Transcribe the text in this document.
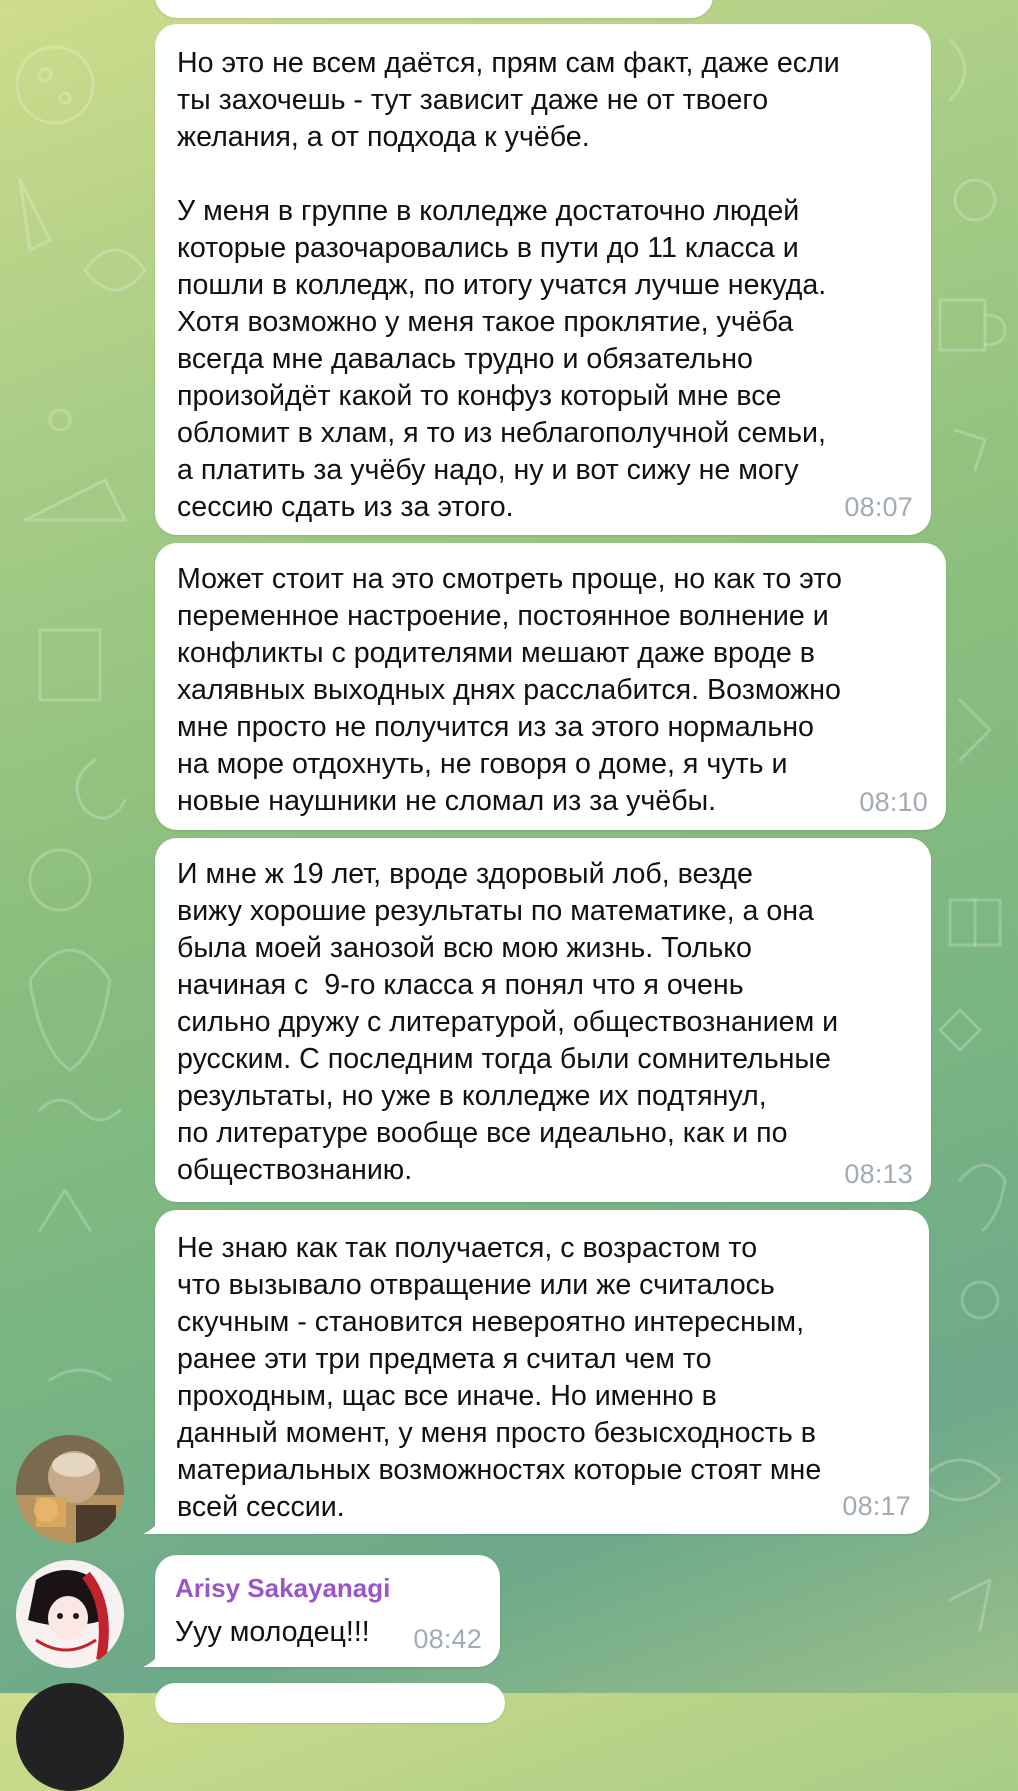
Но это не всем даётся, прям сам факт, даже если
ты захочешь - тут зависит даже не от твоего
желания, а от подхода к учёбе.

У меня в группе в колледже достаточно людей
которые разочаровались в пути до 11 класса и
пошли в колледж, по итогу учатся лучше некуда.
Хотя возможно у меня такое проклятие, учёба
всегда мне давалась трудно и обязательно
произойдёт какой то конфуз который мне все
обломит в хлам, я то из неблагополучной семьи,
а платить за учёбу надо, ну и вот сижу не могу
сессию сдать из за этого.	08:07

Может стоит на это смотреть проще, но как то это
переменное настроение, постоянное волнение и
конфликты с родителями мешают даже вроде в
халявных выходных днях расслабится. Возможно
мне просто не получится из за этого нормально
на море отдохнуть, не говоря о доме, я чуть и
новые наушники не сломал из за учёбы.	08:10

И мне ж 19 лет, вроде здоровый лоб, везде
вижу хорошие результаты по математике, а она
была моей занозой всю мою жизнь. Только
начиная с  9-го класса я понял что я очень
сильно дружу с литературой, обществознанием и
русским. С последним тогда были сомнительные
результаты, но уже в колледже их подтянул,
по литературе вообще все идеально, как и по
обществознанию.	08:13

Не знаю как так получается, с возрастом то
что вызывало отвращение или же считалось
скучным - становится невероятно интересным,
ранее эти три предмета я считал чем то
проходным, щас все иначе. Но именно в
данный момент, у меня просто безысходность в
материальных возможностях которые стоят мне
всей сессии.	08:17
Arisy Sakayanagi

Ууу молодец!!!	08:42
